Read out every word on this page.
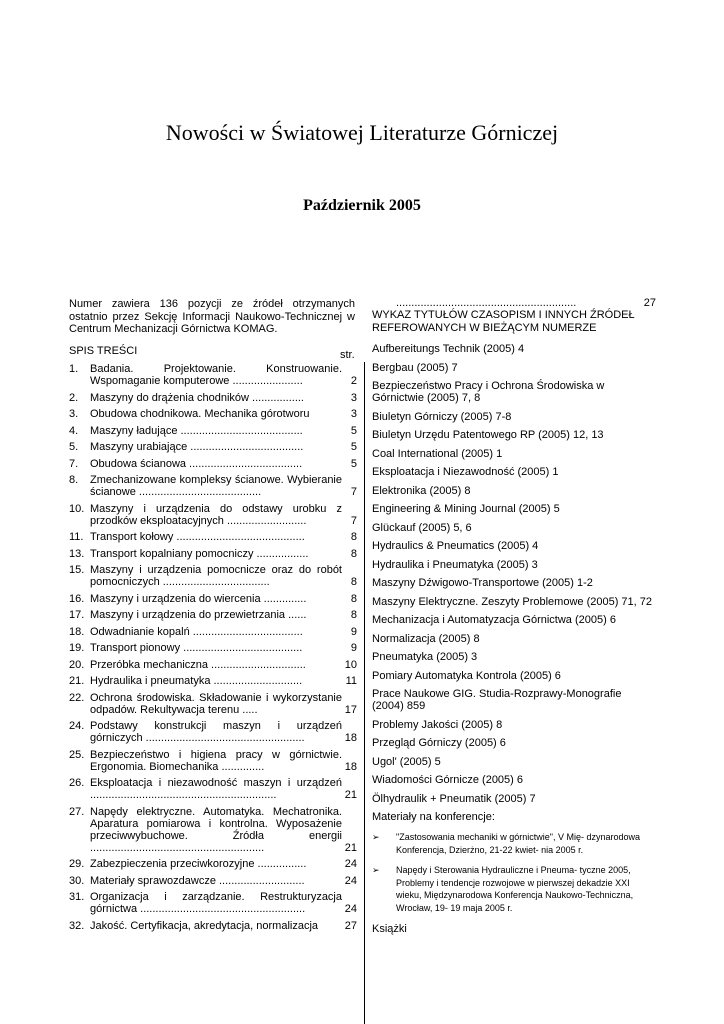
Nowości w Światowej Literaturze Górniczej
Październik 2005
Numer zawiera 136 pozycji ze źródeł otrzymanych ostatnio przez Sekcję Informacji Naukowo-Technicznej w Centrum Mechanizacji Górnictwa KOMAG.
SPIS TREŚCI	str.
1.	Badania. Projektowanie. Konstruowanie. Wspomaganie komputerowe .......................	2
2.	Maszyny do drążenia chodników .................	3
3.	Obudowa chodnikowa. Mechanika górotworu	3
4.	Maszyny ładujące ........................................	5
5.	Maszyny urabiające .....................................	5
7.	Obudowa ścianowa .....................................	5
8.	Zmechanizowane kompleksy ścianowe. Wybieranie ścianowe ........................................	7
10. Maszyny i urządzenia do odstawy urobku z przodków eksploatacyjnych ..........................	7
11. Transport kołowy ..........................................	8
13. Transport kopalniany pomocniczy .................	8
15. Maszyny i urządzenia pomocnicze oraz do robót pomocniczych ...................................	8
16. Maszyny i urządzenia do wiercenia ..............	8
17. Maszyny i urządzenia do przewietrzania ......	8
18. Odwadnianie kopalń ....................................	9
19. Transport pionowy .......................................	9
20. Przeróbka mechaniczna ...............................	10
21. Hydraulika i pneumatyka .............................	11
22. Ochrona środowiska. Składowanie i wykorzystanie odpadów. Rekultywacja terenu .....	17
24. Podstawy konstrukcji maszyn i urządzeń górniczych ....................................................	18
25. Bezpieczeństwo i higiena pracy w górnictwie. Ergonomia. Biomechanika ..............	18
26. Eksploatacja i niezawodność maszyn i urządzeń .............................................................	21
27. Napędy elektryczne. Automatyka. Mechatronika. Aparatura pomiarowa i kontrolna. Wyposażenie przeciwwybuchowe. Źródła energii .........................................................	21
29. Zabezpieczenia przeciwkorozyjne ................	24
30. Materiały sprawozdawcze ............................	24
31. Organizacja i zarządzanie. Restrukturyzacja górnictwa ......................................................	24
32. Jakość. Certyfikacja, akredytacja, normalizacja	27
...........................................................	27
WYKAZ TYTUŁÓW CZASOPISM I INNYCH ŹRÓDEŁ REFEROWANYCH W BIEŻĄCYM NUMERZE
Aufbereitungs Technik (2005) 4
Bergbau (2005) 7
Bezpieczeństwo Pracy i Ochrona Środowiska w Górnictwie (2005) 7, 8
Biuletyn Górniczy (2005) 7-8
Biuletyn Urzędu Patentowego RP (2005) 12, 13
Coal International (2005) 1
Eksploatacja i Niezawodność (2005) 1
Elektronika (2005) 8
Engineering & Mining Journal (2005) 5
Glückauf (2005) 5, 6
Hydraulics & Pneumatics (2005) 4
Hydraulika i Pneumatyka (2005) 3
Maszyny Dźwigowo-Transportowe (2005) 1-2
Maszyny Elektryczne. Zeszyty Problemowe (2005) 71, 72
Mechanizacja i Automatyzacja Górnictwa (2005) 6
Normalizacja (2005) 8
Pneumatyka (2005) 3
Pomiary Automatyka Kontrola (2005) 6
Prace Naukowe GIG. Studia-Rozprawy-Monografie (2004) 859
Problemy Jakości (2005) 8
Przegląd Górniczy (2005) 6
Ugol' (2005) 5
Wiadomości Górnicze (2005) 6
Ölhydraulik + Pneumatik (2005) 7
Materiały na konferencje:
➢ "Zastosowania mechaniki w górnictwie", V Mię- dzynarodowa Konferencja, Dzierżno, 21-22 kwiet- nia 2005 r.
➢ Napędy i Sterowania Hydrauliczne i Pneuma- tyczne 2005, Problemy i tendencje rozwojowe w pierwszej dekadzie XXI wieku, Międzynarodowa Konferencja Naukowo-Techniczna, Wrocław, 19- 19 maja 2005 r.
Książki
